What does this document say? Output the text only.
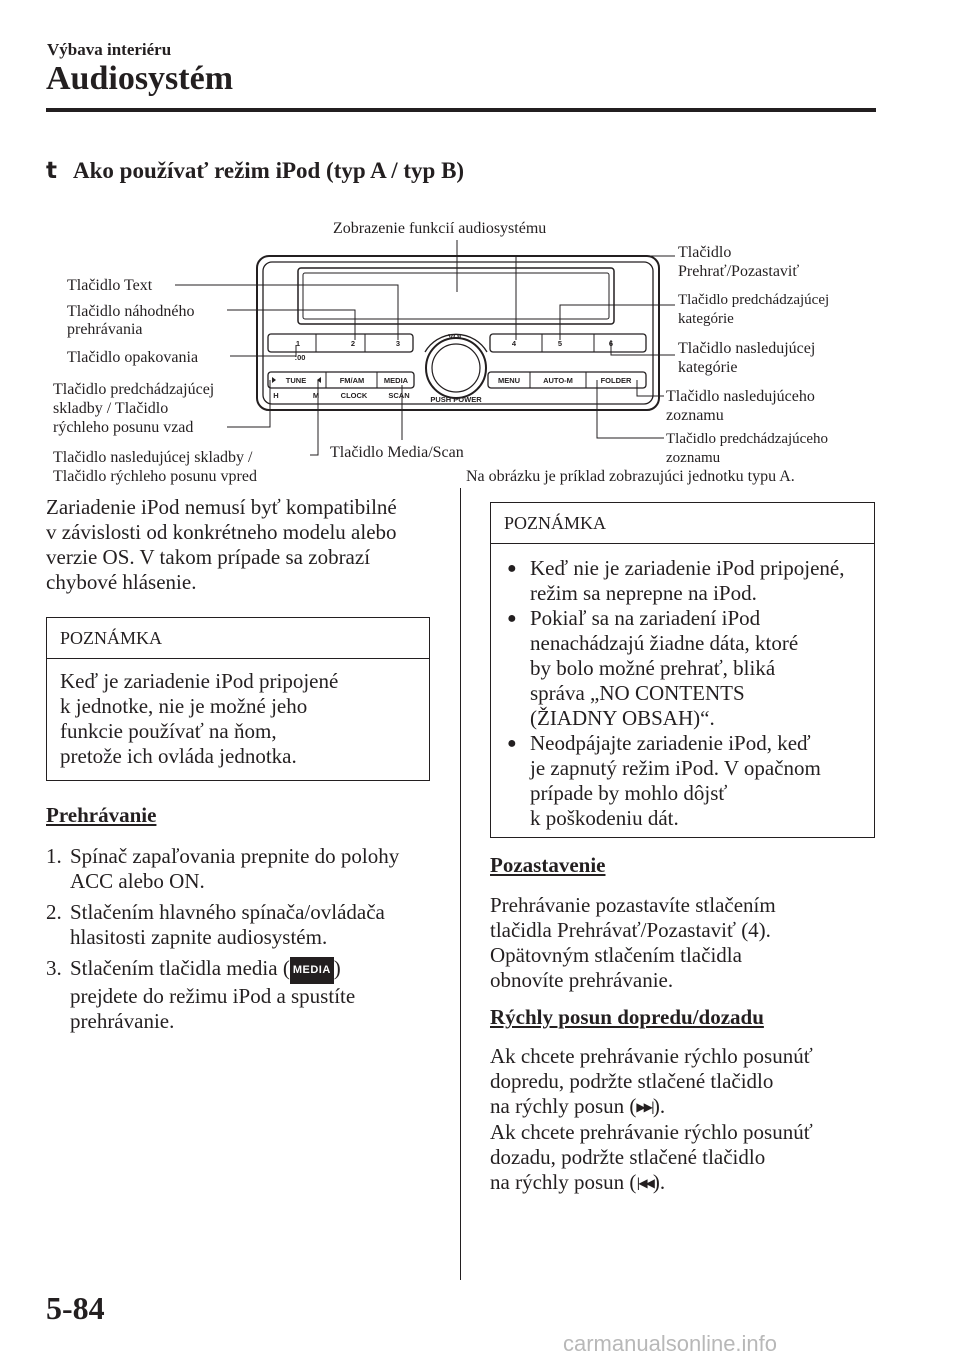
Výbava interiéru
Audiosystém
t Ako používať režim iPod (typ A / typ B)
VOL
PUSH POWER
1	2	3	4	5	6
:00
TUNE	FM/AM	MEDIA	MENU	AUTO-M	FOLDER
H	M	CLOCK	SCAN
Zobrazenie funkcií audiosystému
Tlačidlo
Prehrať/Pozastaviť
Tlačidlo Text
Tlačidlo náhodného
prehrávania
Tlačidlo predchádzajúcej
kategórie
Tlačidlo opakovania
Tlačidlo nasledujúcej
kategórie
Tlačidlo predchádzajúcej
skladby / Tlačidlo
rýchleho posunu vzad
Tlačidlo nasledujúceho
zoznamu
Tlačidlo predchádzajúceho
zoznamu
Tlačidlo nasledujúcej skladby /
Tlačidlo rýchleho posunu vpred
Tlačidlo Media/Scan
Na obrázku je príklad zobrazujúci jednotku typu A.
Zariadenie iPod nemusí byť kompatibilné
v závislosti od konkrétneho modelu alebo
verzie OS. V takom prípade sa zobrazí
chybové hlásenie.
POZNÁMKA
Keď je zariadenie iPod pripojené
k jednotke, nie je možné jeho
funkcie používať na ňom,
pretože ich ovláda jednotka.
Prehrávanie
1. Spínač zapaľovania prepnite do polohy
ACC alebo ON.
2. Stlačením hlavného spínača/ovládača
hlasitosti zapnite audiosystém.
3. Stlačením tlačidla media ( MEDIA )
prejdete do režimu iPod a spustíte
prehrávanie.
POZNÁMKA
● Keď nie je zariadenie iPod pripojené,
režim sa neprepne na iPod.
● Pokiaľ sa na zariadení iPod
nenachádzajú žiadne dáta, ktoré
by bolo možné prehrať, bliká
správa „NO CONTENTS
(ŽIADNY OBSAH)“.
● Neodpájajte zariadenie iPod, keď
je zapnutý režim iPod. V opačnom
prípade by mohlo dôjsť
k poškodeniu dát.
Pozastavenie
Prehrávanie pozastavíte stlačením
tlačidla Prehrávať/Pozastaviť (4).
Opätovným stlačením tlačidla
obnovíte prehrávanie.
Rýchly posun dopredu/dozadu
Ak chcete prehrávanie rýchlo posunúť
dopredu, podržte stlačené tlačidlo
na rýchly posun (▶▶|).
Ak chcete prehrávanie rýchlo posunúť
dozadu, podržte stlačené tlačidlo
na rýchly posun (|◀◀).
5-84
carmanualsonline.info
